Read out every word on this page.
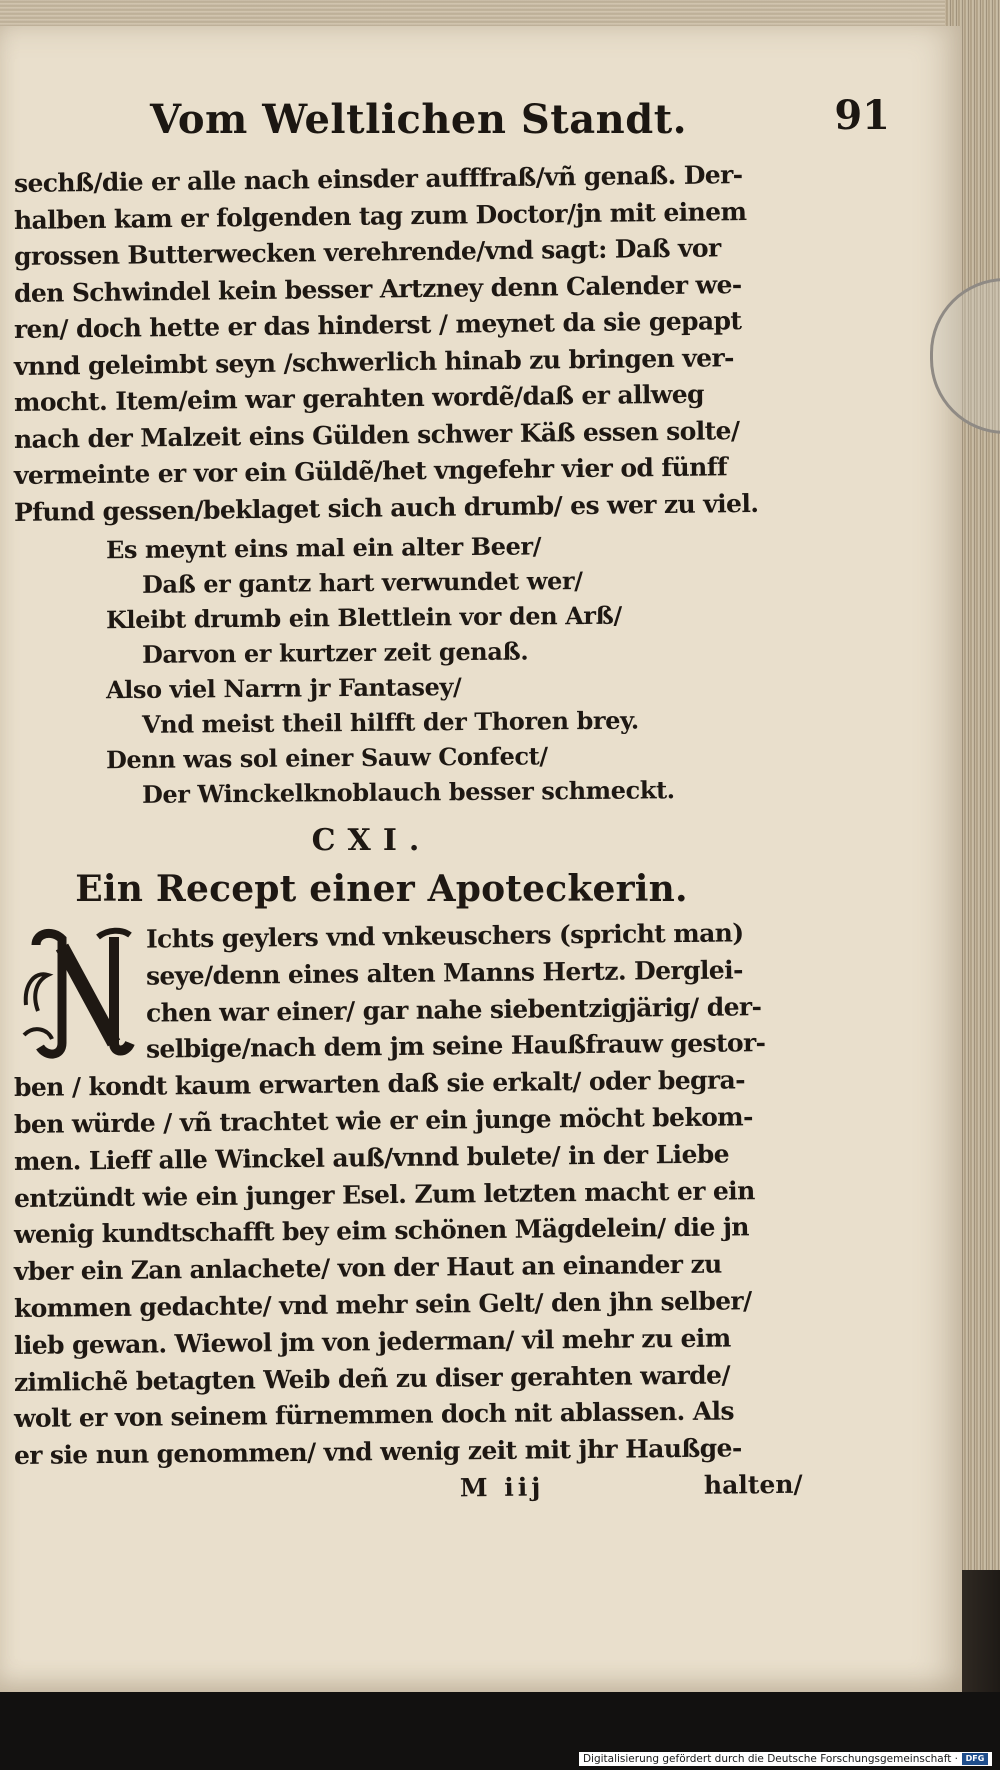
Vom Weltlichen Standt.	91
sechß/die er alle nach einsder aufffraß/vñ genaß. Der-
halben kam er folgenden tag zum Doctor/jn mit einem
grossen Butterwecken verehrende/vnd sagt: Daß vor
den Schwindel kein besser Artzney denn Calender we-
ren/ doch hette er das hinderst / meynet da sie gepapt
vnnd geleimbt seyn /schwerlich hinab zu bringen ver-
mocht. Item/eim war gerahten wordẽ/daß er allweg
nach der Malzeit eins Gülden schwer Käß essen solte/
vermeinte er vor ein Güldẽ/het vngefehr vier od fünff
Pfund gessen/beklaget sich auch drumb/ es wer zu viel.
Es meynt eins mal ein alter Beer/
Daß er gantz hart verwundet wer/
Kleibt drumb ein Blettlein vor den Arß/
Darvon er kurtzer zeit genaß.
Also viel Narrn jr Fantasey/
Vnd meist theil hilfft der Thoren brey.
Denn was sol einer Sauw Confect/
Der Winckelknoblauch besser schmeckt.
CXI.
Ein Recept einer Apoteckerin.
Ichts geylers vnd vnkeuschers (spricht man)
seye/denn eines alten Manns Hertz. Derglei-
chen war einer/ gar nahe siebentzigjärig/ der-
selbige/nach dem jm seine Haußfrauw gestor-
ben / kondt kaum erwarten daß sie erkalt/ oder begra-
ben würde / vñ trachtet wie er ein junge möcht bekom-
men. Lieff alle Winckel auß/vnnd bulete/ in der Liebe
entzündt wie ein junger Esel. Zum letzten macht er ein
wenig kundtschafft bey eim schönen Mägdelein/ die jn
vber ein Zan anlachete/ von der Haut an einander zu
kommen gedachte/ vnd mehr sein Gelt/ den jhn selber/
lieb gewan. Wiewol jm von jederman/ vil mehr zu eim
zimlichẽ betagten Weib deñ zu diser gerahten warde/
wolt er von seinem fürnemmen doch nit ablassen. Als
er sie nun genommen/ vnd wenig zeit mit jhr Haußge-
M iij	halten/
Digitalisierung gefördert durch die Deutsche Forschungsgemeinschaft · DFG
